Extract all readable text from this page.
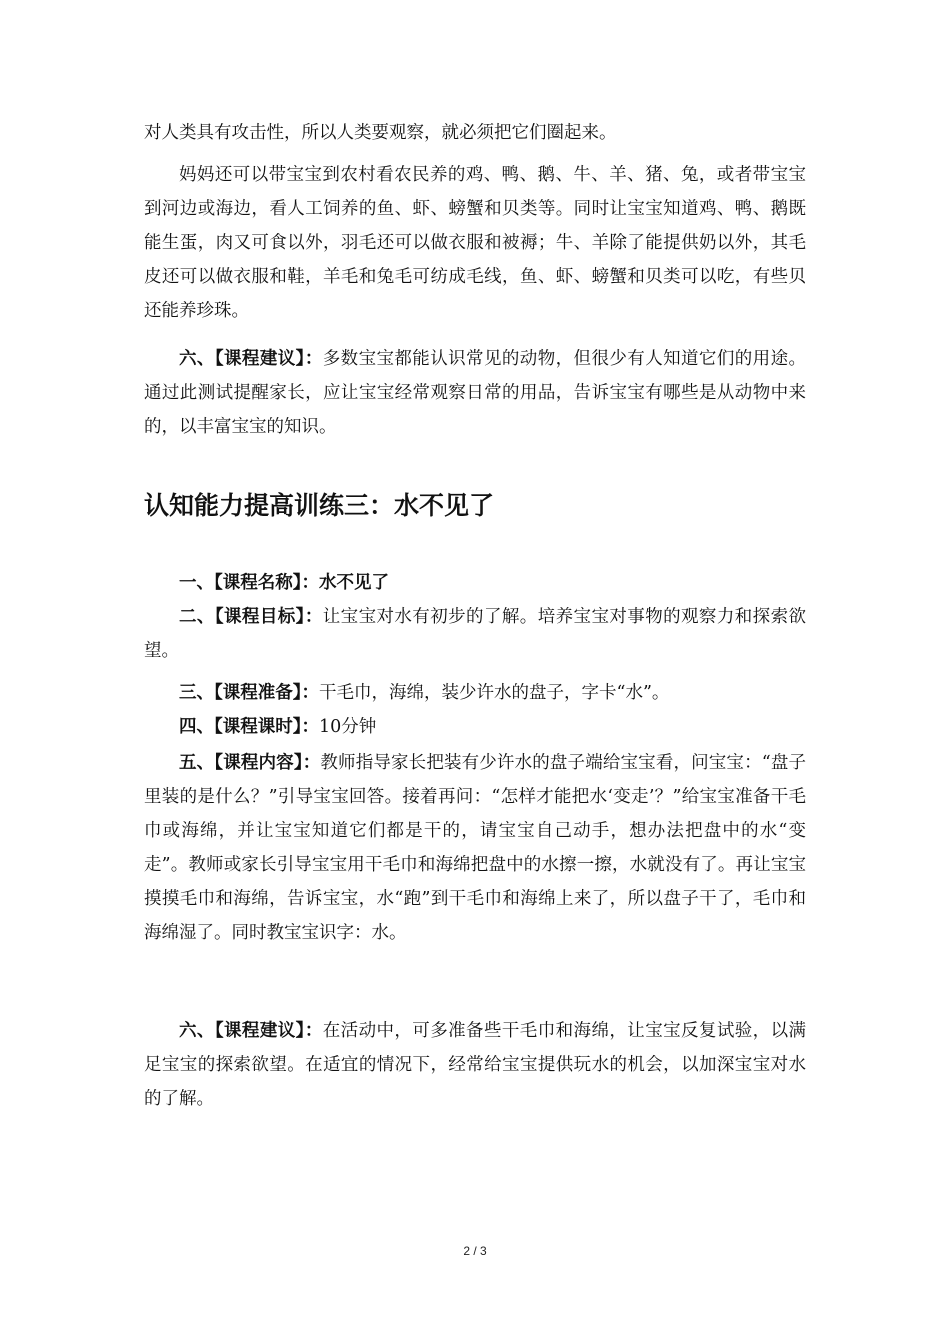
对人类具有攻击性，所以人类要观察，就必须把它们圈起来。

妈妈还可以带宝宝到农村看农民养的鸡、鸭、鹅、牛、羊、猪、兔，或者带宝宝到河边或海边，看人工饲养的鱼、虾、螃蟹和贝类等。同时让宝宝知道鸡、鸭、鹅既能生蛋，肉又可食以外，羽毛还可以做衣服和被褥；牛、羊除了能提供奶以外，其毛皮还可以做衣服和鞋，羊毛和兔毛可纺成毛线，鱼、虾、螃蟹和贝类可以吃，有些贝还能养珍珠。

六、【课程建议】：多数宝宝都能认识常见的动物，但很少有人知道它们的用途。通过此测试提醒家长，应让宝宝经常观察日常的用品，告诉宝宝有哪些是从动物中来的，以丰富宝宝的知识。

认知能力提高训练三：水不见了

一、【课程名称】：水不见了

二、【课程目标】：让宝宝对水有初步的了解。培养宝宝对事物的观察力和探索欲望。

三、【课程准备】：干毛巾，海绵，装少许水的盘子，字卡“水”。

四、【课程课时】：10分钟

五、【课程内容】：教师指导家长把装有少许水的盘子端给宝宝看，问宝宝：“盘子里装的是什么？”引导宝宝回答。接着再问：“怎样才能把水‘变走’？”给宝宝准备干毛巾或海绵，并让宝宝知道它们都是干的，请宝宝自己动手，想办法把盘中的水“变走”。教师或家长引导宝宝用干毛巾和海绵把盘中的水擦一擦，水就没有了。再让宝宝摸摸毛巾和海绵，告诉宝宝，水“跑”到干毛巾和海绵上来了，所以盘子干了，毛巾和海绵湿了。同时教宝宝识字：水。

六、【课程建议】：在活动中，可多准备些干毛巾和海绵，让宝宝反复试验，以满足宝宝的探索欲望。在适宜的情况下，经常给宝宝提供玩水的机会，以加深宝宝对水的了解。

2 / 3
